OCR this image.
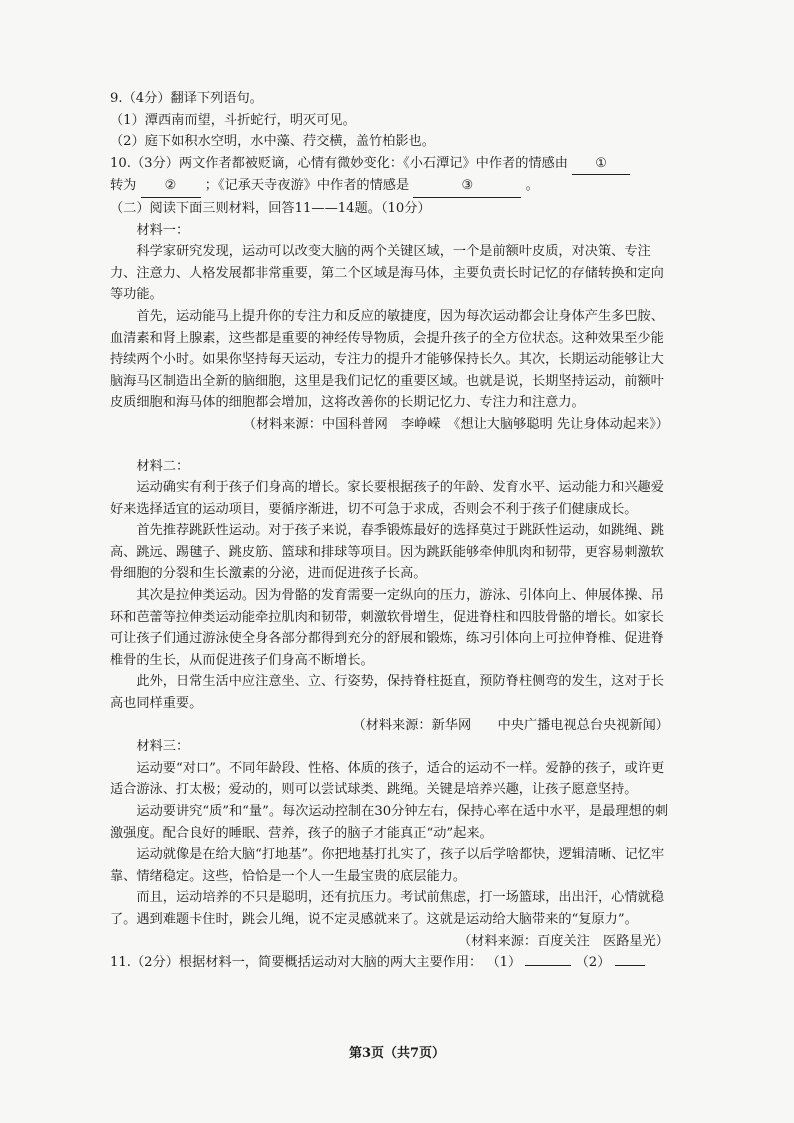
9.（4分）翻译下列语句。
（1）潭西南而望，斗折蛇行，明灭可见。
（2）庭下如积水空明，水中藻、荇交横，盖竹柏影也。
10.（3分）两文作者都被贬谪，心情有微妙变化：《小石潭记》中作者的情感由 ①
转为 ② ；《记承天寺夜游》中作者的情感是	③	。
（二）阅读下面三则材料，回答11——14题。（10分）
材料一：
科学家研究发现，运动可以改变大脑的两个关键区域，一个是前额叶皮质，对决策、专注力、注意力、人格发展都非常重要，第二个区域是海马体，主要负责长时记忆的存储转换和定向等功能。
首先，运动能马上提升你的专注力和反应的敏捷度，因为每次运动都会让身体产生多巴胺、血清素和肾上腺素，这些都是重要的神经传导物质，会提升孩子的全方位状态。这种效果至少能持续两个小时。如果你坚持每天运动，专注力的提升才能够保持长久。其次，长期运动能够让大脑海马区制造出全新的脑细胞，这里是我们记忆的重要区域。也就是说，长期坚持运动，前额叶皮质细胞和海马体的细胞都会增加，这将改善你的长期记忆力、专注力和注意力。
（材料来源：中国科普网　李峥嵘　《想让大脑够聪明 先让身体动起来》）
材料二：
运动确实有利于孩子们身高的增长。家长要根据孩子的年龄、发育水平、运动能力和兴趣爱好来选择适宜的运动项目，要循序渐进，切不可急于求成，否则会不利于孩子们健康成长。
首先推荐跳跃性运动。对于孩子来说，春季锻炼最好的选择莫过于跳跃性运动，如跳绳、跳高、跳远、踢毽子、跳皮筋、篮球和排球等项目。因为跳跃能够牵伸肌肉和韧带，更容易刺激软骨细胞的分裂和生长激素的分泌，进而促进孩子长高。
其次是拉伸类运动。因为骨骼的发育需要一定纵向的压力，游泳、引体向上、伸展体操、吊环和芭蕾等拉伸类运动能牵拉肌肉和韧带，刺激软骨增生，促进脊柱和四肢骨骼的增长。如家长可让孩子们通过游泳使全身各部分都得到充分的舒展和锻炼，练习引体向上可拉伸脊椎、促进脊椎骨的生长，从而促进孩子们身高不断增长。
此外，日常生活中应注意坐、立、行姿势，保持脊柱挺直，预防脊柱侧弯的发生，这对于长高也同样重要。
（材料来源：新华网　　中央广播电视总台央视新闻）
材料三：
运动要“对口”。不同年龄段、性格、体质的孩子，适合的运动不一样。爱静的孩子，或许更适合游泳、打太极；爱动的，则可以尝试球类、跳绳。关键是培养兴趣，让孩子愿意坚持。
运动要讲究“质”和“量”。每次运动控制在30分钟左右，保持心率在适中水平，是最理想的刺激强度。配合良好的睡眠、营养，孩子的脑子才能真正“动”起来。
运动就像是在给大脑“打地基”。你把地基打扎实了，孩子以后学啥都快，逻辑清晰、记忆牢靠、情绪稳定。这些，恰恰是一个人一生最宝贵的底层能力。
而且，运动培养的不只是聪明，还有抗压力。考试前焦虑，打一场篮球，出出汗，心情就稳了。遇到难题卡住时，跳会儿绳，说不定灵感就来了。这就是运动给大脑带来的“复原力”。
（材料来源：百度关注　医路星光）
11.（2分）根据材料一，简要概括运动对大脑的两大主要作用： （1）	（2）
第3页（共7页）
